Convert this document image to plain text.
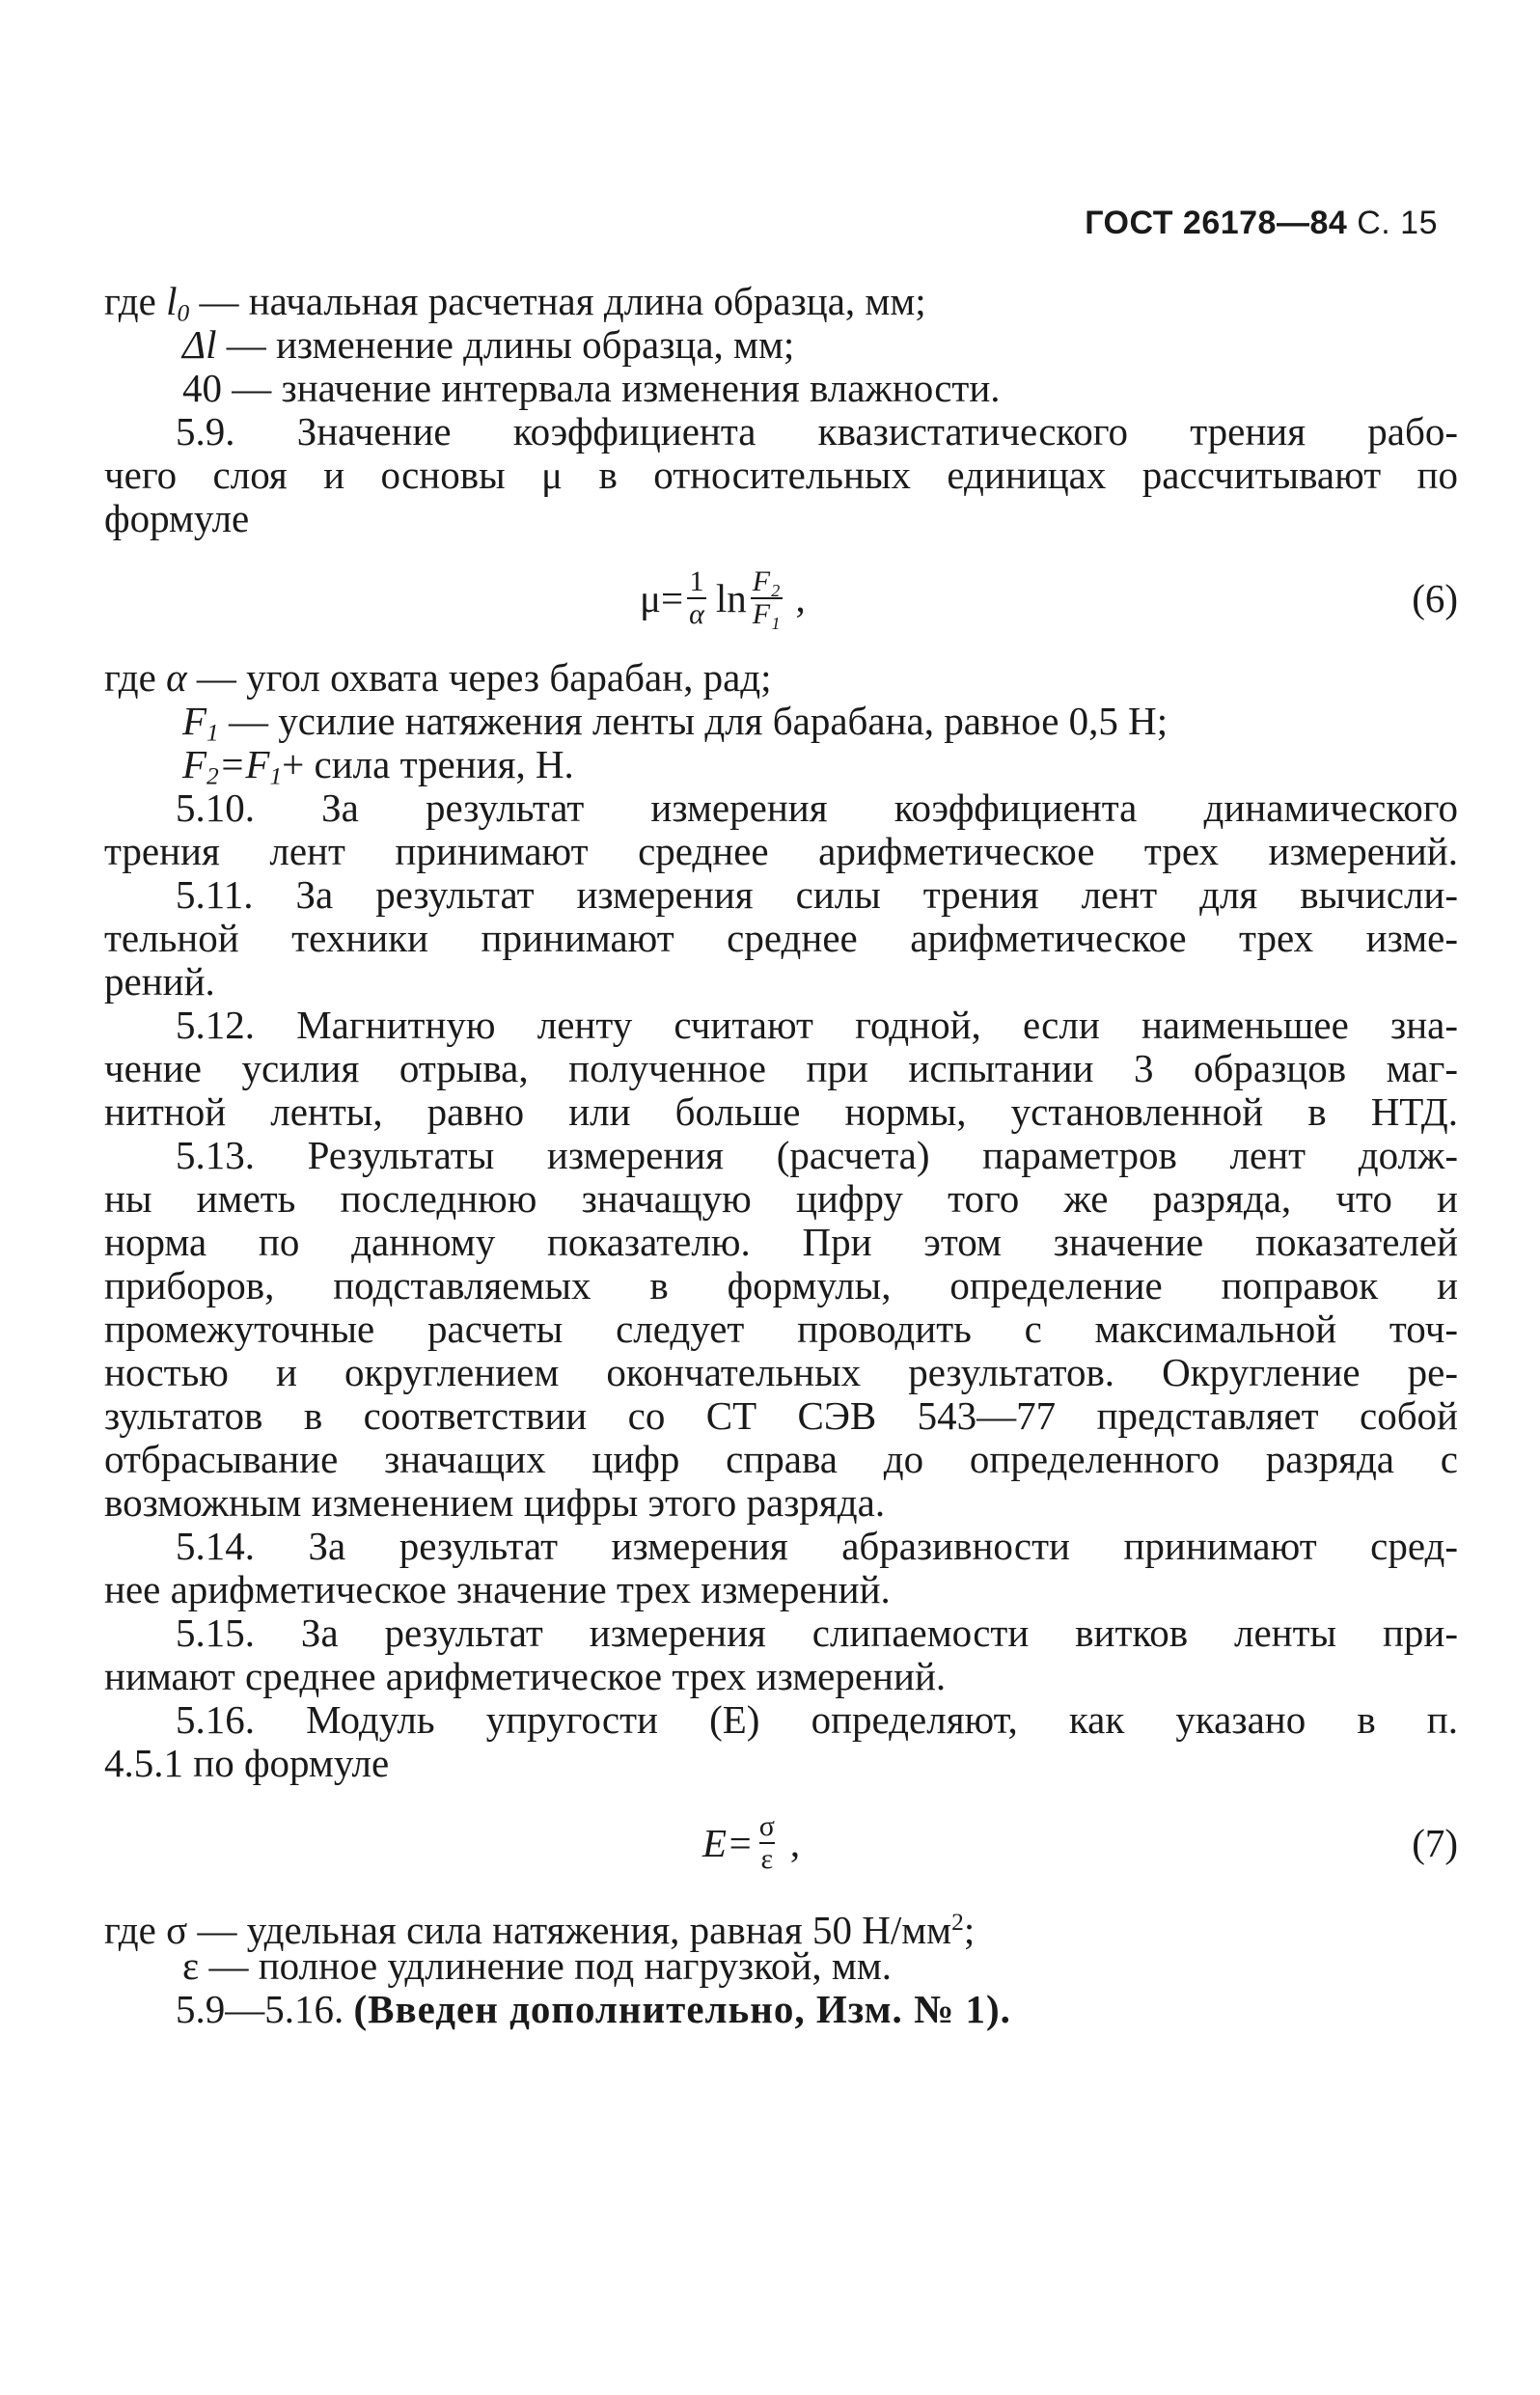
ГОСТ 26178—84 С. 15
где $l_0$ — начальная расчетная длина образца, мм;
Δl — изменение длины образца, мм;
40 — значение интервала изменения влажности.
5.9. Значение коэффициента квазистатического трения рабо-
чего слоя и основы μ в относительных единицах рассчитывают по
формуле
$\mu= \frac{1}{\alpha}$ $\ln \frac{\text{F₂}}{\text{F₁}}$ ,	(6)
где α — угол охвата через барабан, рад;
$F_1$ — усилие натяжения ленты для барабана, равное 0,5 Н;
$F_2=F_1+$ сила трения, Н.
5.10. За результат измерения коэффициента динамического
трения лент принимают среднее арифметическое трех измерений.
5.11. За результат измерения силы трения лент для вычисли-
тельной техники принимают среднее арифметическое трех изме-
рений.
5.12. Магнитную ленту считают годной, если наименьшее зна-
чение усилия отрыва, полученное при испытании 3 образцов маг-
нитной ленты, равно или больше нормы, установленной в НТД.
5.13. Результаты измерения (расчета) параметров лент долж-
ны иметь последнюю значащую цифру того же разряда, что и
норма по данному показателю. При этом значение показателей
приборов, подставляемых в формулы, определение поправок и
промежуточные расчеты следует проводить с максимальной точ-
ностью и округлением окончательных результатов. Округление ре-
зультатов в соответствии со СТ СЭВ 543—77 представляет собой
отбрасывание значащих цифр справа до определенного разряда с
возможным изменением цифры этого разряда.
5.14. За результат измерения абразивности принимают сред-
нее арифметическое значение трех измерений.
5.15. За результат измерения слипаемости витков ленты при-
нимают среднее арифметическое трех измерений.
5.16. Модуль упругости (Е) определяют, как указано в п.
4.5.1 по формуле
$E= \frac{\sigma}{\varepsilon}$ ,	(7)
где σ — удельная сила натяжения, равная 50 $Н/мм^2$;
ε — полное удлинение под нагрузкой, мм.
5.9—5.16. (Введен дополнительно, Изм. № 1).
